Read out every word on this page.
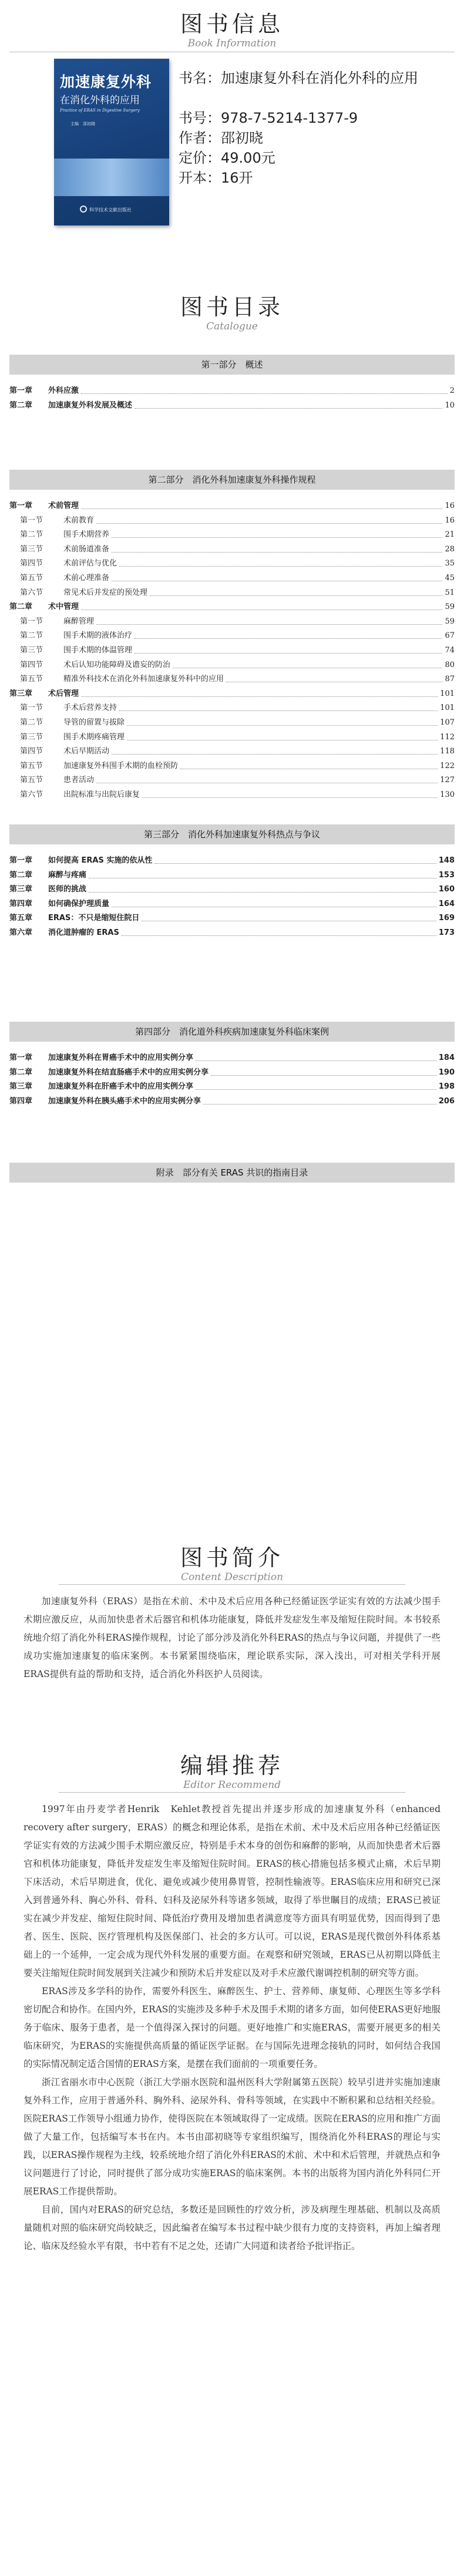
图书信息
Book Information
加速康复外科
在消化外科的应用
Practice of ERAS in Digestive Surgery
主编　邵初晓
科学技术文献出版社
书名： 加速康复外科在消化外科的应用
书号： 978-7-5214-1377-9
作者： 邵初晓
定价： 49.00元
开本： 16开
图书目录
Catalogue
第一部分　概述
第一章	外科应激	2
第二章	加速康复外科发展及概述	10
第二部分　消化外科加速康复外科操作规程
第一章	术前管理	16
第一节	术前教育	16
第二节	围手术期营养	21
第三节	术前肠道准备	28
第四节	术前评估与优化	35
第五节	术前心理准备	45
第六节	常见术后并发症的预处理	51
第二章	术中管理	59
第一节	麻醉管理	59
第二节	围手术期的液体治疗	67
第三节	围手术期的体温管理	74
第四节	术后认知功能障碍及谵妄的防治	80
第五节	精准外科技术在消化外科加速康复外科中的应用	87
第三章	术后管理	101
第一节	手术后营养支持	101
第二节	导管的留置与拔除	107
第三节	围手术期疼痛管理	112
第四节	术后早期活动	118
第五节	加速康复外科围手术期的血栓预防	122
第五节	患者活动	127
第六节	出院标准与出院后康复	130
第三部分　消化外科加速康复外科热点与争议
第一章	如何提高 ERAS 实施的依从性	148
第二章	麻醉与疼痛	153
第三章	医师的挑战	160
第四章	如何确保护理质量	164
第五章	ERAS：不只是缩短住院日	169
第六章	消化道肿瘤的 ERAS	173
第四部分　消化道外科疾病加速康复外科临床案例
第一章	加速康复外科在胃癌手术中的应用实例分享	184
第二章	加速康复外科在结直肠癌手术中的应用实例分享	190
第三章	加速康复外科在肝癌手术中的应用实例分享	198
第四章	加速康复外科在胰头癌手术中的应用实例分享	206
附录　部分有关 ERAS 共识的指南目录
图书简介
Content Description

加速康复外科（ERAS）是指在术前、术中及术后应用各种已经循证医学证实有效的方法减少围手术期应激反应，从而加快患者术后器官和机体功能康复，降低并发症发生率及缩短住院时间。本书较系统地介绍了消化外科ERAS操作规程，讨论了部分涉及消化外科ERAS的热点与争议问题，并提供了一些成功实施加速康复的临床案例。本书紧紧围绕临床，理论联系实际，深入浅出，可对相关学科开展ERAS提供有益的帮助和支持，适合消化外科医护人员阅读。

编辑推荐
Editor Recommend

1997年由丹麦学者Henrik　Kehlet教授首先提出并逐步形成的加速康复外科（enhanced recovery after surgery，ERAS）的概念和理论体系，是指在术前、术中及术后应用各种已经循证医学证实有效的方法减少围手术期应激反应，特别是手术本身的创伤和麻醉的影响，从而加快患者术后器官和机体功能康复，降低并发症发生率及缩短住院时间。ERAS的核心措施包括多模式止痛，术后早期下床活动，术后早期进食，优化、避免或减少使用鼻胃管，控制性输液等。ERAS临床应用和研究已深入到普通外科、胸心外科、骨科、妇科及泌尿外科等诸多领域，取得了举世瞩目的成绩；ERAS已被证实在减少并发症、缩短住院时间、降低治疗费用及增加患者满意度等方面具有明显优势，因而得到了患者、医生、医院、医疗管理机构及医保部门、社会的多方认可。可以说，ERAS是现代微创外科体系基础上的一个延伸，一定会成为现代外科发展的重要方面。在观察和研究领域，ERAS已从初期以降低主要关注缩短住院时间发展到关注减少和预防术后并发症以及对手术应激代谢调控机制的研究等方面。

ERAS涉及多学科的协作，需要外科医生、麻醉医生、护士、营养师、康复师、心理医生等多学科密切配合和协作。在国内外，ERAS的实施涉及多种手术及围手术期的诸多方面，如何使ERAS更好地服务于临床、服务于患者，是一个值得深入探讨的问题。更好地推广和实施ERAS，需要开展更多的相关临床研究，为ERAS的实施提供高质量的循证医学证据。在与国际先进理念接轨的同时，如何结合我国的实际情况制定适合国情的ERAS方案，是摆在我们面前的一项重要任务。

浙江省丽水市中心医院（浙江大学丽水医院和温州医科大学附属第五医院）较早引进并实施加速康复外科工作，应用于普通外科、胸外科、泌尿外科、骨科等领域，在实践中不断积累和总结相关经验。医院ERAS工作领导小组通力协作，使得医院在本领域取得了一定成绩。医院在ERAS的应用和推广方面做了大量工作，包括编写本书在内。本书由邵初晓等专家组织编写，围绕消化外科ERAS的理论与实践，以ERAS操作规程为主线，较系统地介绍了消化外科ERAS的术前、术中和术后管理，并就热点和争议问题进行了讨论，同时提供了部分成功实施ERAS的临床案例。本书的出版将为国内消化外科同仁开展ERAS工作提供帮助。

目前，国内对ERAS的研究总结，多数还是回顾性的疗效分析，涉及病理生理基础、机制以及高质量随机对照的临床研究尚较缺乏，因此编者在编写本书过程中缺少很有力度的支持资料，再加上编者理论、临床及经验水平有限，书中若有不足之处，还请广大同道和读者给予批评指正。
